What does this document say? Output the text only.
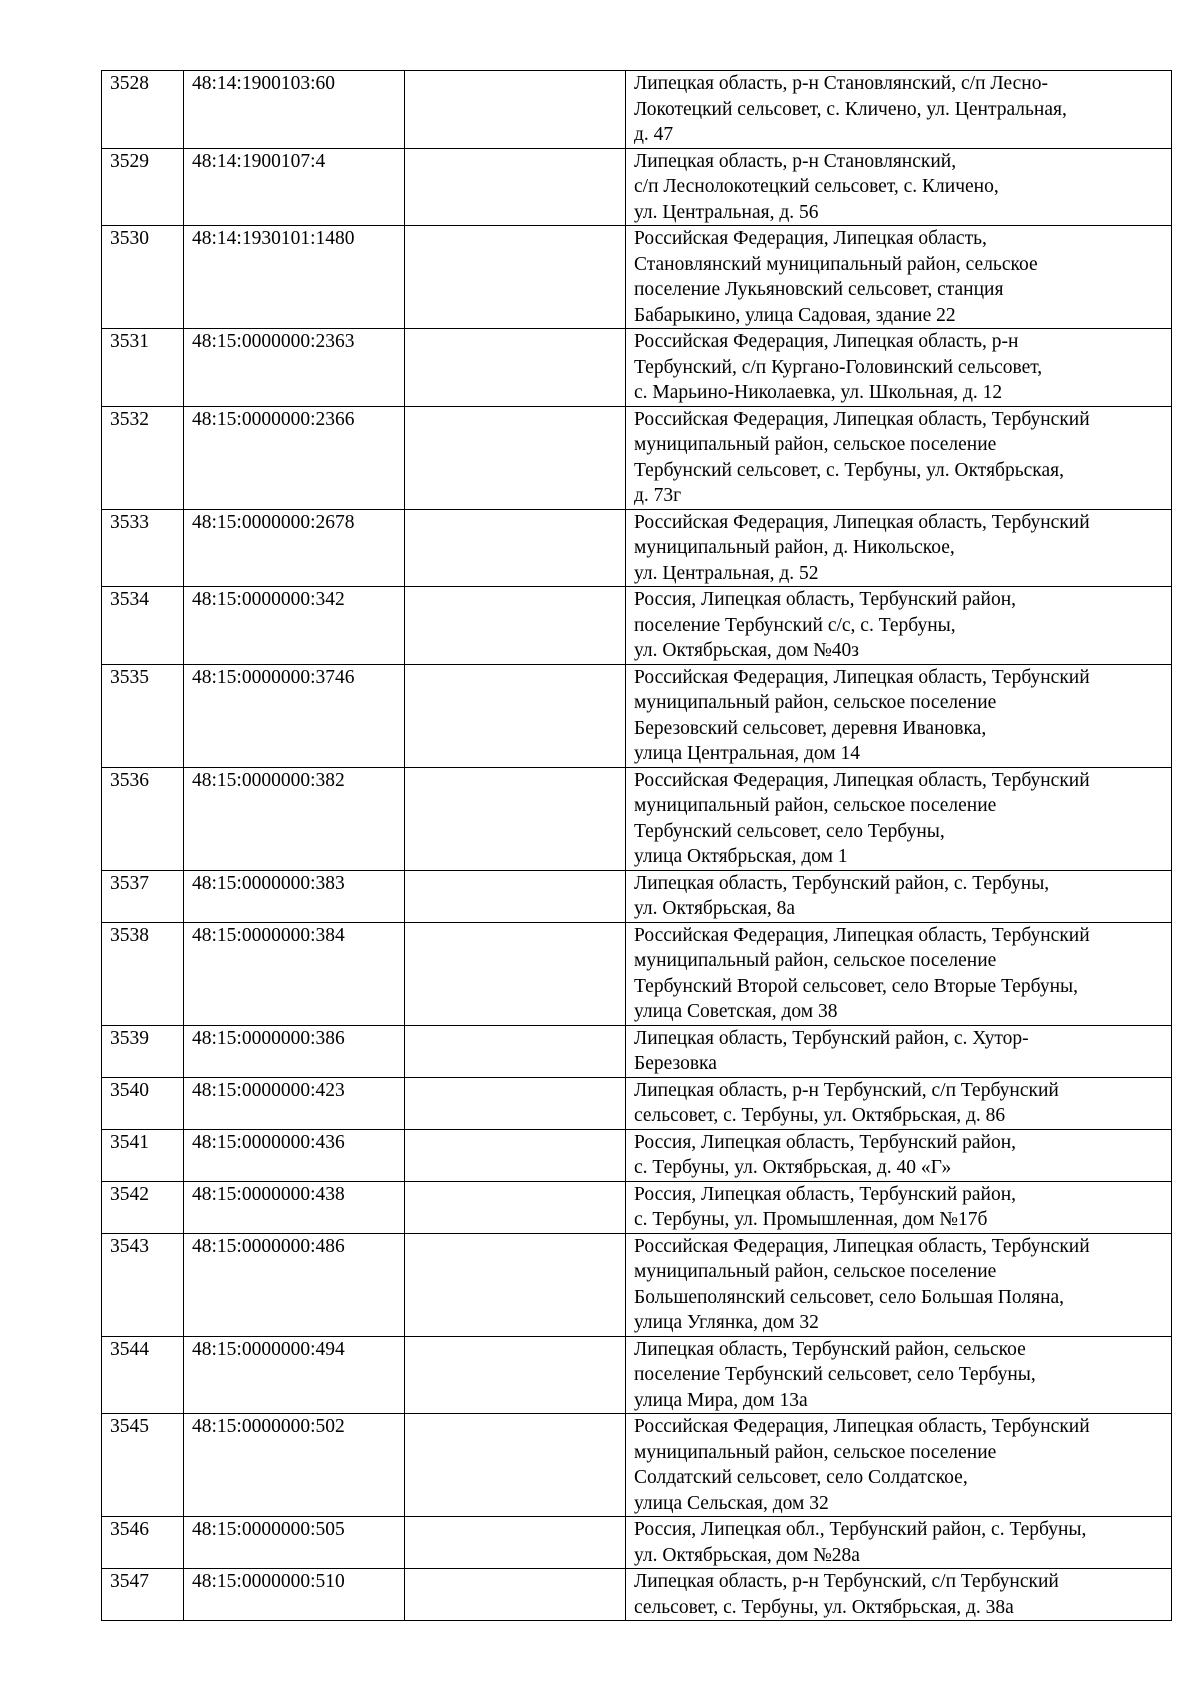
3528	48:14:1900103:60		Липецкая область, р-н Становлянский, с/п Лесно-
Локотецкий сельсовет, с. Кличено, ул. Центральная,
д. 47
3529	48:14:1900107:4		Липецкая область, р-н Становлянский,
с/п Леснолокотецкий сельсовет, с. Кличено,
ул. Центральная, д. 56
3530	48:14:1930101:1480		Российская Федерация, Липецкая область,
Становлянский муниципальный район, сельское
поселение Лукьяновский сельсовет, станция
Бабарыкино, улица Садовая, здание 22
3531	48:15:0000000:2363		Российская Федерация, Липецкая область, р-н
Тербунский, с/п Кургано-Головинский сельсовет,
с. Марьино-Николаевка, ул. Школьная, д. 12
3532	48:15:0000000:2366		Российская Федерация, Липецкая область, Тербунский
муниципальный район, сельское поселение
Тербунский сельсовет, с. Тербуны, ул. Октябрьская,
д. 73г
3533	48:15:0000000:2678		Российская Федерация, Липецкая область, Тербунский
муниципальный район, д. Никольское,
ул. Центральная, д. 52
3534	48:15:0000000:342		Россия, Липецкая область, Тербунский район,
поселение Тербунский с/с, с. Тербуны,
ул. Октябрьская, дом №40з
3535	48:15:0000000:3746		Российская Федерация, Липецкая область, Тербунский
муниципальный район, сельское поселение
Березовский сельсовет, деревня Ивановка,
улица Центральная, дом 14
3536	48:15:0000000:382		Российская Федерация, Липецкая область, Тербунский
муниципальный район, сельское поселение
Тербунский сельсовет, село Тербуны,
улица Октябрьская, дом 1
3537	48:15:0000000:383		Липецкая область, Тербунский район, с. Тербуны,
ул. Октябрьская, 8а
3538	48:15:0000000:384		Российская Федерация, Липецкая область, Тербунский
муниципальный район, сельское поселение
Тербунский Второй сельсовет, село Вторые Тербуны,
улица Советская, дом 38
3539	48:15:0000000:386		Липецкая область, Тербунский район, с. Хутор-
Березовка
3540	48:15:0000000:423		Липецкая область, р-н Тербунский, с/п Тербунский
сельсовет, с. Тербуны, ул. Октябрьская, д. 86
3541	48:15:0000000:436		Россия, Липецкая область, Тербунский район,
с. Тербуны, ул. Октябрьская, д. 40 «Г»
3542	48:15:0000000:438		Россия, Липецкая область, Тербунский район,
с. Тербуны, ул. Промышленная, дом №17б
3543	48:15:0000000:486		Российская Федерация, Липецкая область, Тербунский
муниципальный район, сельское поселение
Большеполянский сельсовет, село Большая Поляна,
улица Углянка, дом 32
3544	48:15:0000000:494		Липецкая область, Тербунский район, сельское
поселение Тербунский сельсовет, село Тербуны,
улица Мира, дом 13а
3545	48:15:0000000:502		Российская Федерация, Липецкая область, Тербунский
муниципальный район, сельское поселение
Солдатский сельсовет, село Солдатское,
улица Сельская, дом 32
3546	48:15:0000000:505		Россия, Липецкая обл., Тербунский район, с. Тербуны,
ул. Октябрьская, дом №28а
3547	48:15:0000000:510		Липецкая область, р-н Тербунский, с/п Тербунский
сельсовет, с. Тербуны, ул. Октябрьская, д. 38а
